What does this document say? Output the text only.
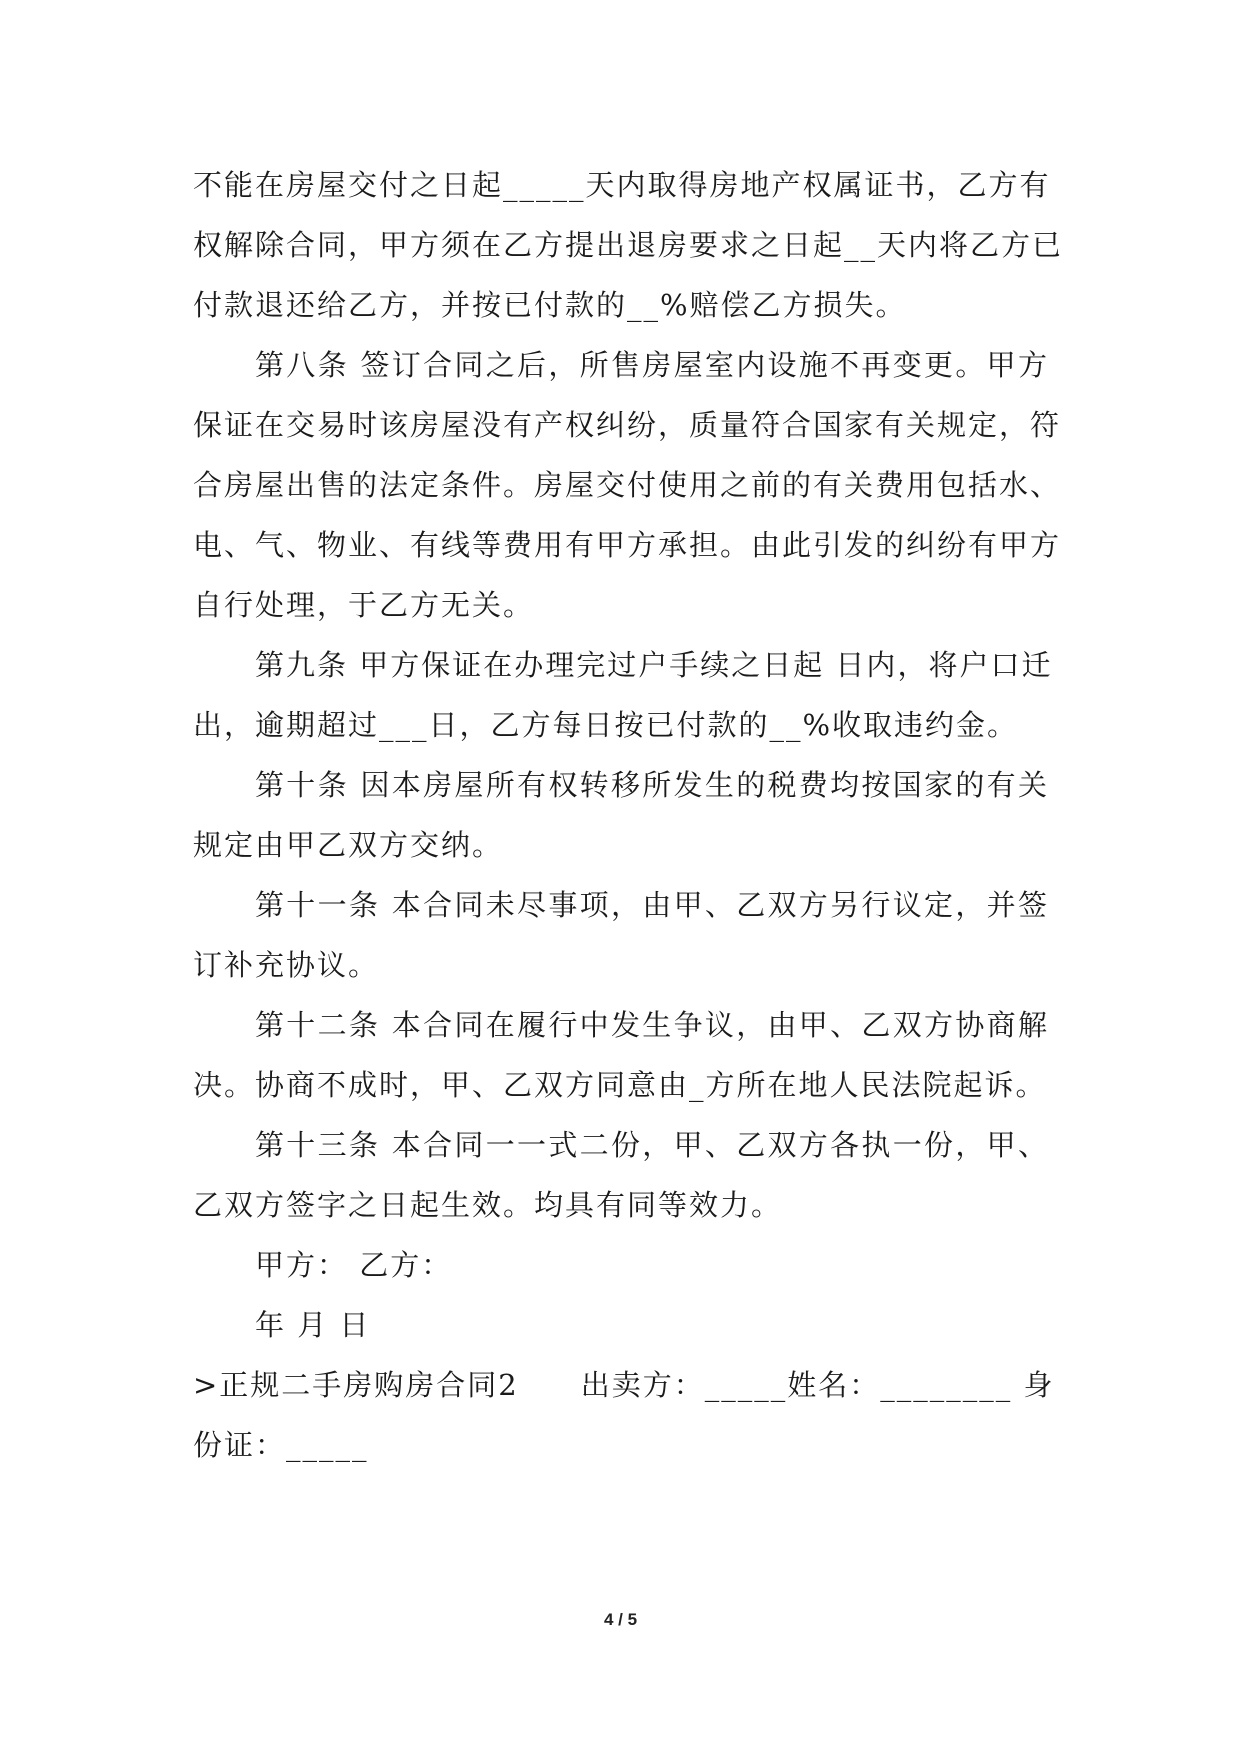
不能在房屋交付之日起_____天内取得房地产权属证书，乙方有
权解除合同，甲方须在乙方提出退房要求之日起__天内将乙方已
付款退还给乙方，并按已付款的__%赔偿乙方损失。
第八条 签订合同之后，所售房屋室内设施不再变更。甲方
保证在交易时该房屋没有产权纠纷，质量符合国家有关规定，符
合房屋出售的法定条件。房屋交付使用之前的有关费用包括水、
电、气、物业、有线等费用有甲方承担。由此引发的纠纷有甲方
自行处理，于乙方无关。
第九条 甲方保证在办理完过户手续之日起 日内，将户口迁
出，逾期超过___日，乙方每日按已付款的__%收取违约金。
第十条 因本房屋所有权转移所发生的税费均按国家的有关
规定由甲乙双方交纳。
第十一条 本合同未尽事项，由甲、乙双方另行议定，并签
订补充协议。
第十二条 本合同在履行中发生争议，由甲、乙双方协商解
决。协商不成时，甲、乙双方同意由_方所在地人民法院起诉。
第十三条 本合同一一式二份，甲、乙双方各执一份，甲、
乙双方签字之日起生效。均具有同等效力。
甲方： 乙方：
年 月 日
>正规二手房购房合同2　　出卖方：_____姓名：________ 身
份证：_____
4 / 5
